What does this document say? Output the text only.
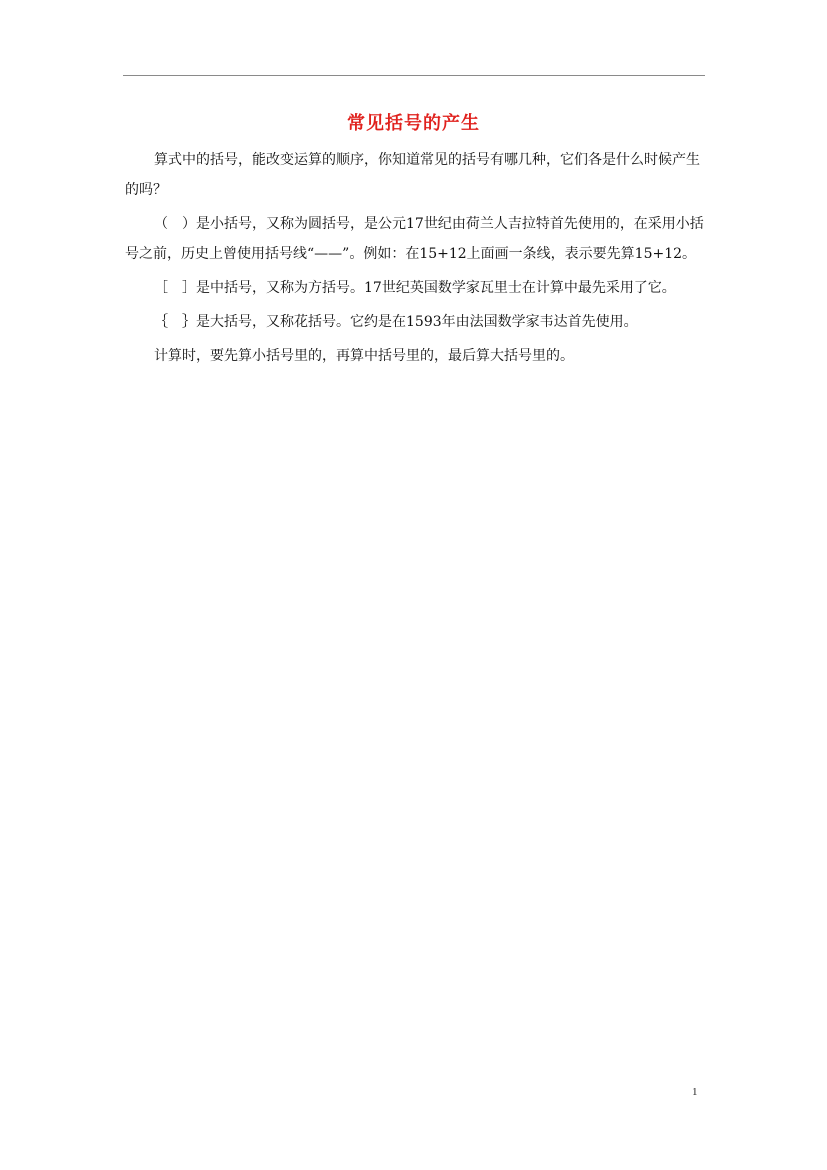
常见括号的产生

算式中的括号，能改变运算的顺序，你知道常见的括号有哪几种，它们各是什么时候产生的吗？

（　）是小括号，又称为圆括号，是公元17世纪由荷兰人吉拉特首先使用的，在采用小括号之前，历史上曾使用括号线“——”。例如：在15+12上面画一条线，表示要先算15+12。

［　］是中括号，又称为方括号。17世纪英国数学家瓦里士在计算中最先采用了它。

｛　｝是大括号，又称花括号。它约是在1593年由法国数学家韦达首先使用。

计算时，要先算小括号里的，再算中括号里的，最后算大括号里的。

1
